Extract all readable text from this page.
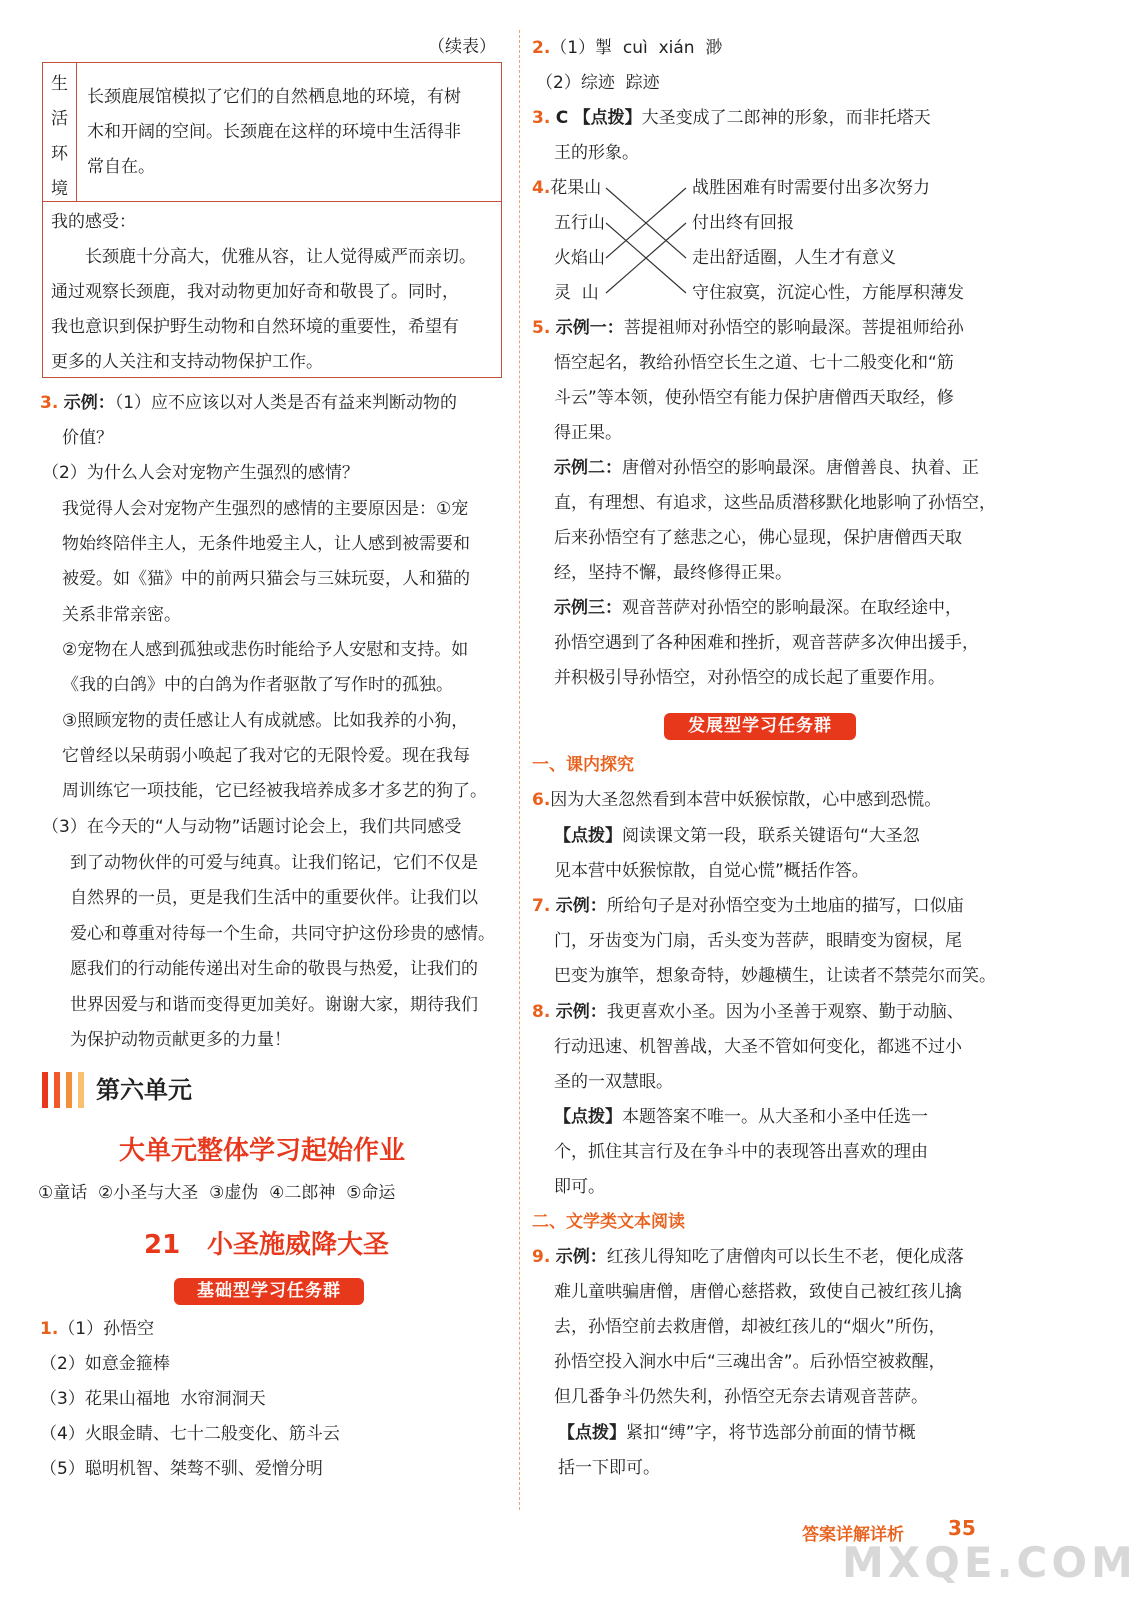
（续表）

生
活
环
境

长颈鹿展馆模拟了它们的自然栖息地的环境，有树

木和开阔的空间。长颈鹿在这样的环境中生活得非

常自在。

我的感受：

长颈鹿十分高大，优雅从容，让人觉得威严而亲切。

通过观察长颈鹿，我对动物更加好奇和敬畏了。同时，

我也意识到保护野生动物和自然环境的重要性，希望有

更多的人关注和支持动物保护工作。

3. 示例：（1）应不应该以对人类是否有益来判断动物的

价值？

（2）为什么人会对宠物产生强烈的感情？

我觉得人会对宠物产生强烈的感情的主要原因是：①宠

物始终陪伴主人，无条件地爱主人，让人感到被需要和

被爱。如《猫》中的前两只猫会与三妹玩耍，人和猫的

关系非常亲密。

②宠物在人感到孤独或悲伤时能给予人安慰和支持。如

《我的白鸽》中的白鸽为作者驱散了写作时的孤独。

③照顾宠物的责任感让人有成就感。比如我养的小狗，

它曾经以呆萌弱小唤起了我对它的无限怜爱。现在我每

周训练它一项技能，它已经被我培养成多才多艺的狗了。

（3）在今天的“人与动物”话题讨论会上，我们共同感受

到了动物伙伴的可爱与纯真。让我们铭记，它们不仅是

自然界的一员，更是我们生活中的重要伙伴。让我们以

爱心和尊重对待每一个生命，共同守护这份珍贵的感情。

愿我们的行动能传递出对生命的敬畏与热爱，让我们的

世界因爱与和谐而变得更加美好。谢谢大家，期待我们

为保护动物贡献更多的力量！

第六单元

大单元整体学习起始作业

①童话  ②小圣与大圣  ③虚伪  ④二郎神  ⑤命运

21 小圣施威降大圣

基础型学习任务群

1.（1）孙悟空

（2）如意金箍棒

（3）花果山福地  水帘洞洞天

（4）火眼金睛、七十二般变化、筋斗云

（5）聪明机智、桀骜不驯、爱憎分明

2.（1）掣  cuì  xián  渺

（2）综迹  踪迹

3. C 【点拨】大圣变成了二郎神的形象，而非托塔天

王的形象。

4.花果山

五行山

火焰山

灵  山

战胜困难有时需要付出多次努力

付出终有回报

走出舒适圈，人生才有意义

守住寂寞，沉淀心性，方能厚积薄发

5. 示例一：菩提祖师对孙悟空的影响最深。菩提祖师给孙

悟空起名，教给孙悟空长生之道、七十二般变化和“筋

斗云”等本领，使孙悟空有能力保护唐僧西天取经，修

得正果。

示例二：唐僧对孙悟空的影响最深。唐僧善良、执着、正

直，有理想、有追求，这些品质潜移默化地影响了孙悟空，

后来孙悟空有了慈悲之心，佛心显现，保护唐僧西天取

经，坚持不懈，最终修得正果。

示例三：观音菩萨对孙悟空的影响最深。在取经途中，

孙悟空遇到了各种困难和挫折，观音菩萨多次伸出援手，

并积极引导孙悟空，对孙悟空的成长起了重要作用。

发展型学习任务群

一、课内探究

6.因为大圣忽然看到本营中妖猴惊散，心中感到恐慌。

【点拨】阅读课文第一段，联系关键语句“大圣忽

见本营中妖猴惊散，自觉心慌”概括作答。

7. 示例：所给句子是对孙悟空变为土地庙的描写，口似庙

门，牙齿变为门扇，舌头变为菩萨，眼睛变为窗棂，尾

巴变为旗竿，想象奇特，妙趣横生，让读者不禁莞尔而笑。

8. 示例：我更喜欢小圣。因为小圣善于观察、勤于动脑、

行动迅速、机智善战，大圣不管如何变化，都逃不过小

圣的一双慧眼。

【点拨】本题答案不唯一。从大圣和小圣中任选一

个，抓住其言行及在争斗中的表现答出喜欢的理由

即可。

二、文学类文本阅读

9. 示例：红孩儿得知吃了唐僧肉可以长生不老，便化成落

难儿童哄骗唐僧，唐僧心慈搭救，致使自己被红孩儿擒

去，孙悟空前去救唐僧，却被红孩儿的“烟火”所伤，

孙悟空投入涧水中后“三魂出舍”。后孙悟空被救醒，

但几番争斗仍然失利，孙悟空无奈去请观音菩萨。

【点拨】紧扣“缚”字，将节选部分前面的情节概

括一下即可。

答案详解详析 35
MXQE.COM
